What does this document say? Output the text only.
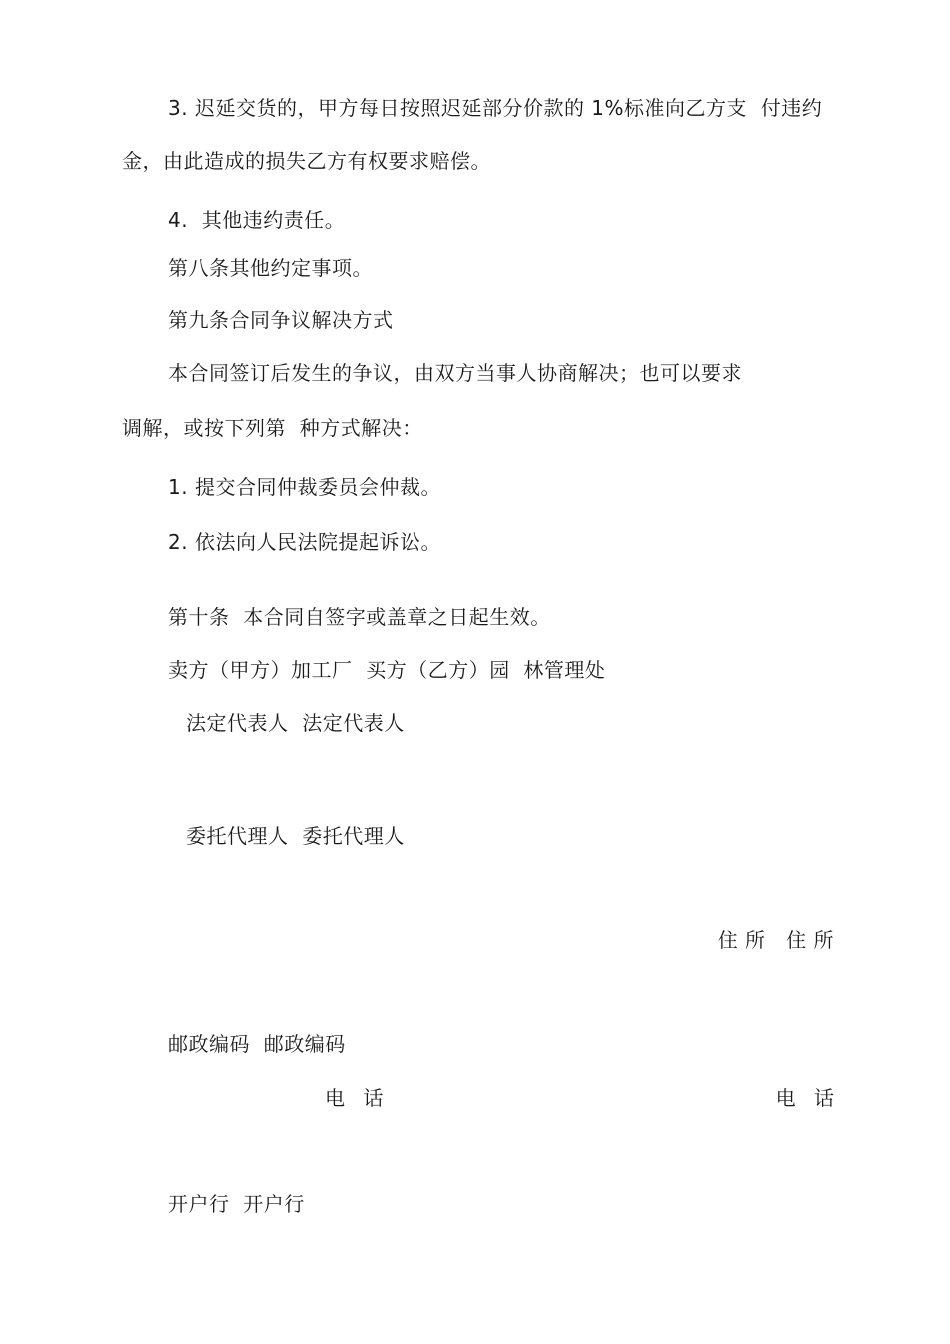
3. 迟延交货的，甲方每日按照迟延部分价款的 1%标准向乙方支  付违约
金，由此造成的损失乙方有权要求赔偿。
4.  其他违约责任。
第八条其他约定事项。
第九条合同争议解决方式
本合同签订后发生的争议，由双方当事人协商解决；也可以要求
调解，或按下列第  种方式解决：
1. 提交合同仲裁委员会仲裁。
2. 依法向人民法院提起诉讼。
第十条  本合同自签字或盖章之日起生效。
卖方（甲方）加工厂  买方（乙方）园  林管理处
法定代表人  法定代表人
委托代理人  委托代理人
住 所   住 所
邮政编码  邮政编码
电 话	电 话
开户行  开户行
